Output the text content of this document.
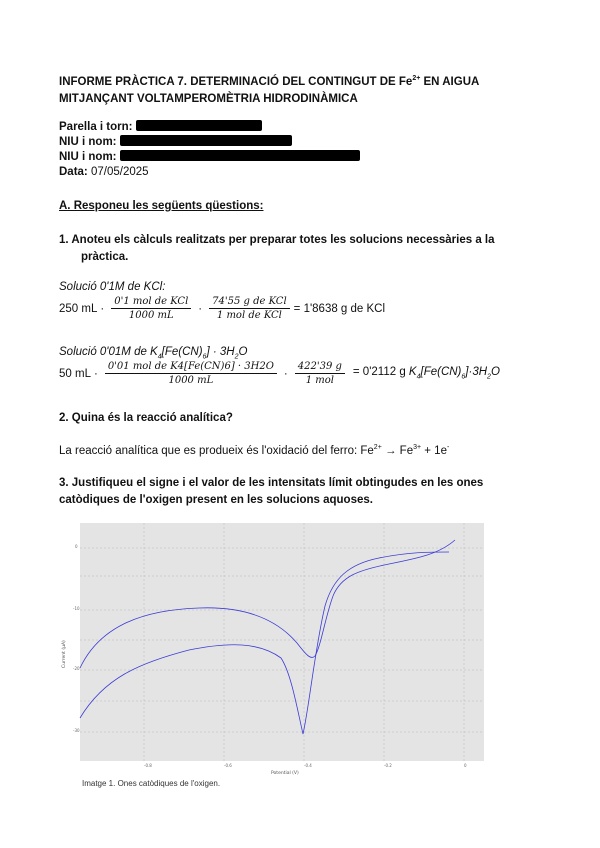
INFORME PRÀCTICA 7. DETERMINACIÓ DEL CONTINGUT DE $Fe^{2+}$ EN AIGUA
MITJANÇANT VOLTAMPEROMÈTRIA HIDRODINÀMICA
Parella i torn:
NIU i nom:
NIU i nom:
Data: 07/05/2025
A. Responeu les següents qüestions:
1. Anoteu els càlculs realitzats per preparar totes les solucions necessàries a la
pràctica.
Solució 0'1M de KCl:
250 mL · $\frac{\text{0'1 mol de KCl}}{1000 mL} \cdot \frac{\text{74'55 g de KCl}}{\text{1 mol de KCl}} = 1'8638$ g de KCl
Solució 0'01M de $K_4[Fe(CN)_6] \cdot 3H_2O$
50 mL · $\frac{\text{0'01 mol de K4[Fe(CN)6] · 3H2O}}{1000 mL} \cdot \frac{422'39 g}{\text{1 mol}} = 0'2112$ g $K_4[Fe(CN)_6]\cdot 3H_2O$
2. Quina és la reacció analítica?
La reacció analítica que es produeix és l'oxidació del ferro: $Fe^{2+} \to Fe^{3+} + 1e^-$
3. Justifiqueu el signe i el valor de les intensitats límit obtingudes en les ones
catòdiques de l'oxigen present en les solucions aquoses.
0
-10
-20
-30
-0.8	-0.6	-0.4	-0.2	0
Potential (V)
Current (µA)
Imatge 1. Ones catòdiques de l'oxigen.
